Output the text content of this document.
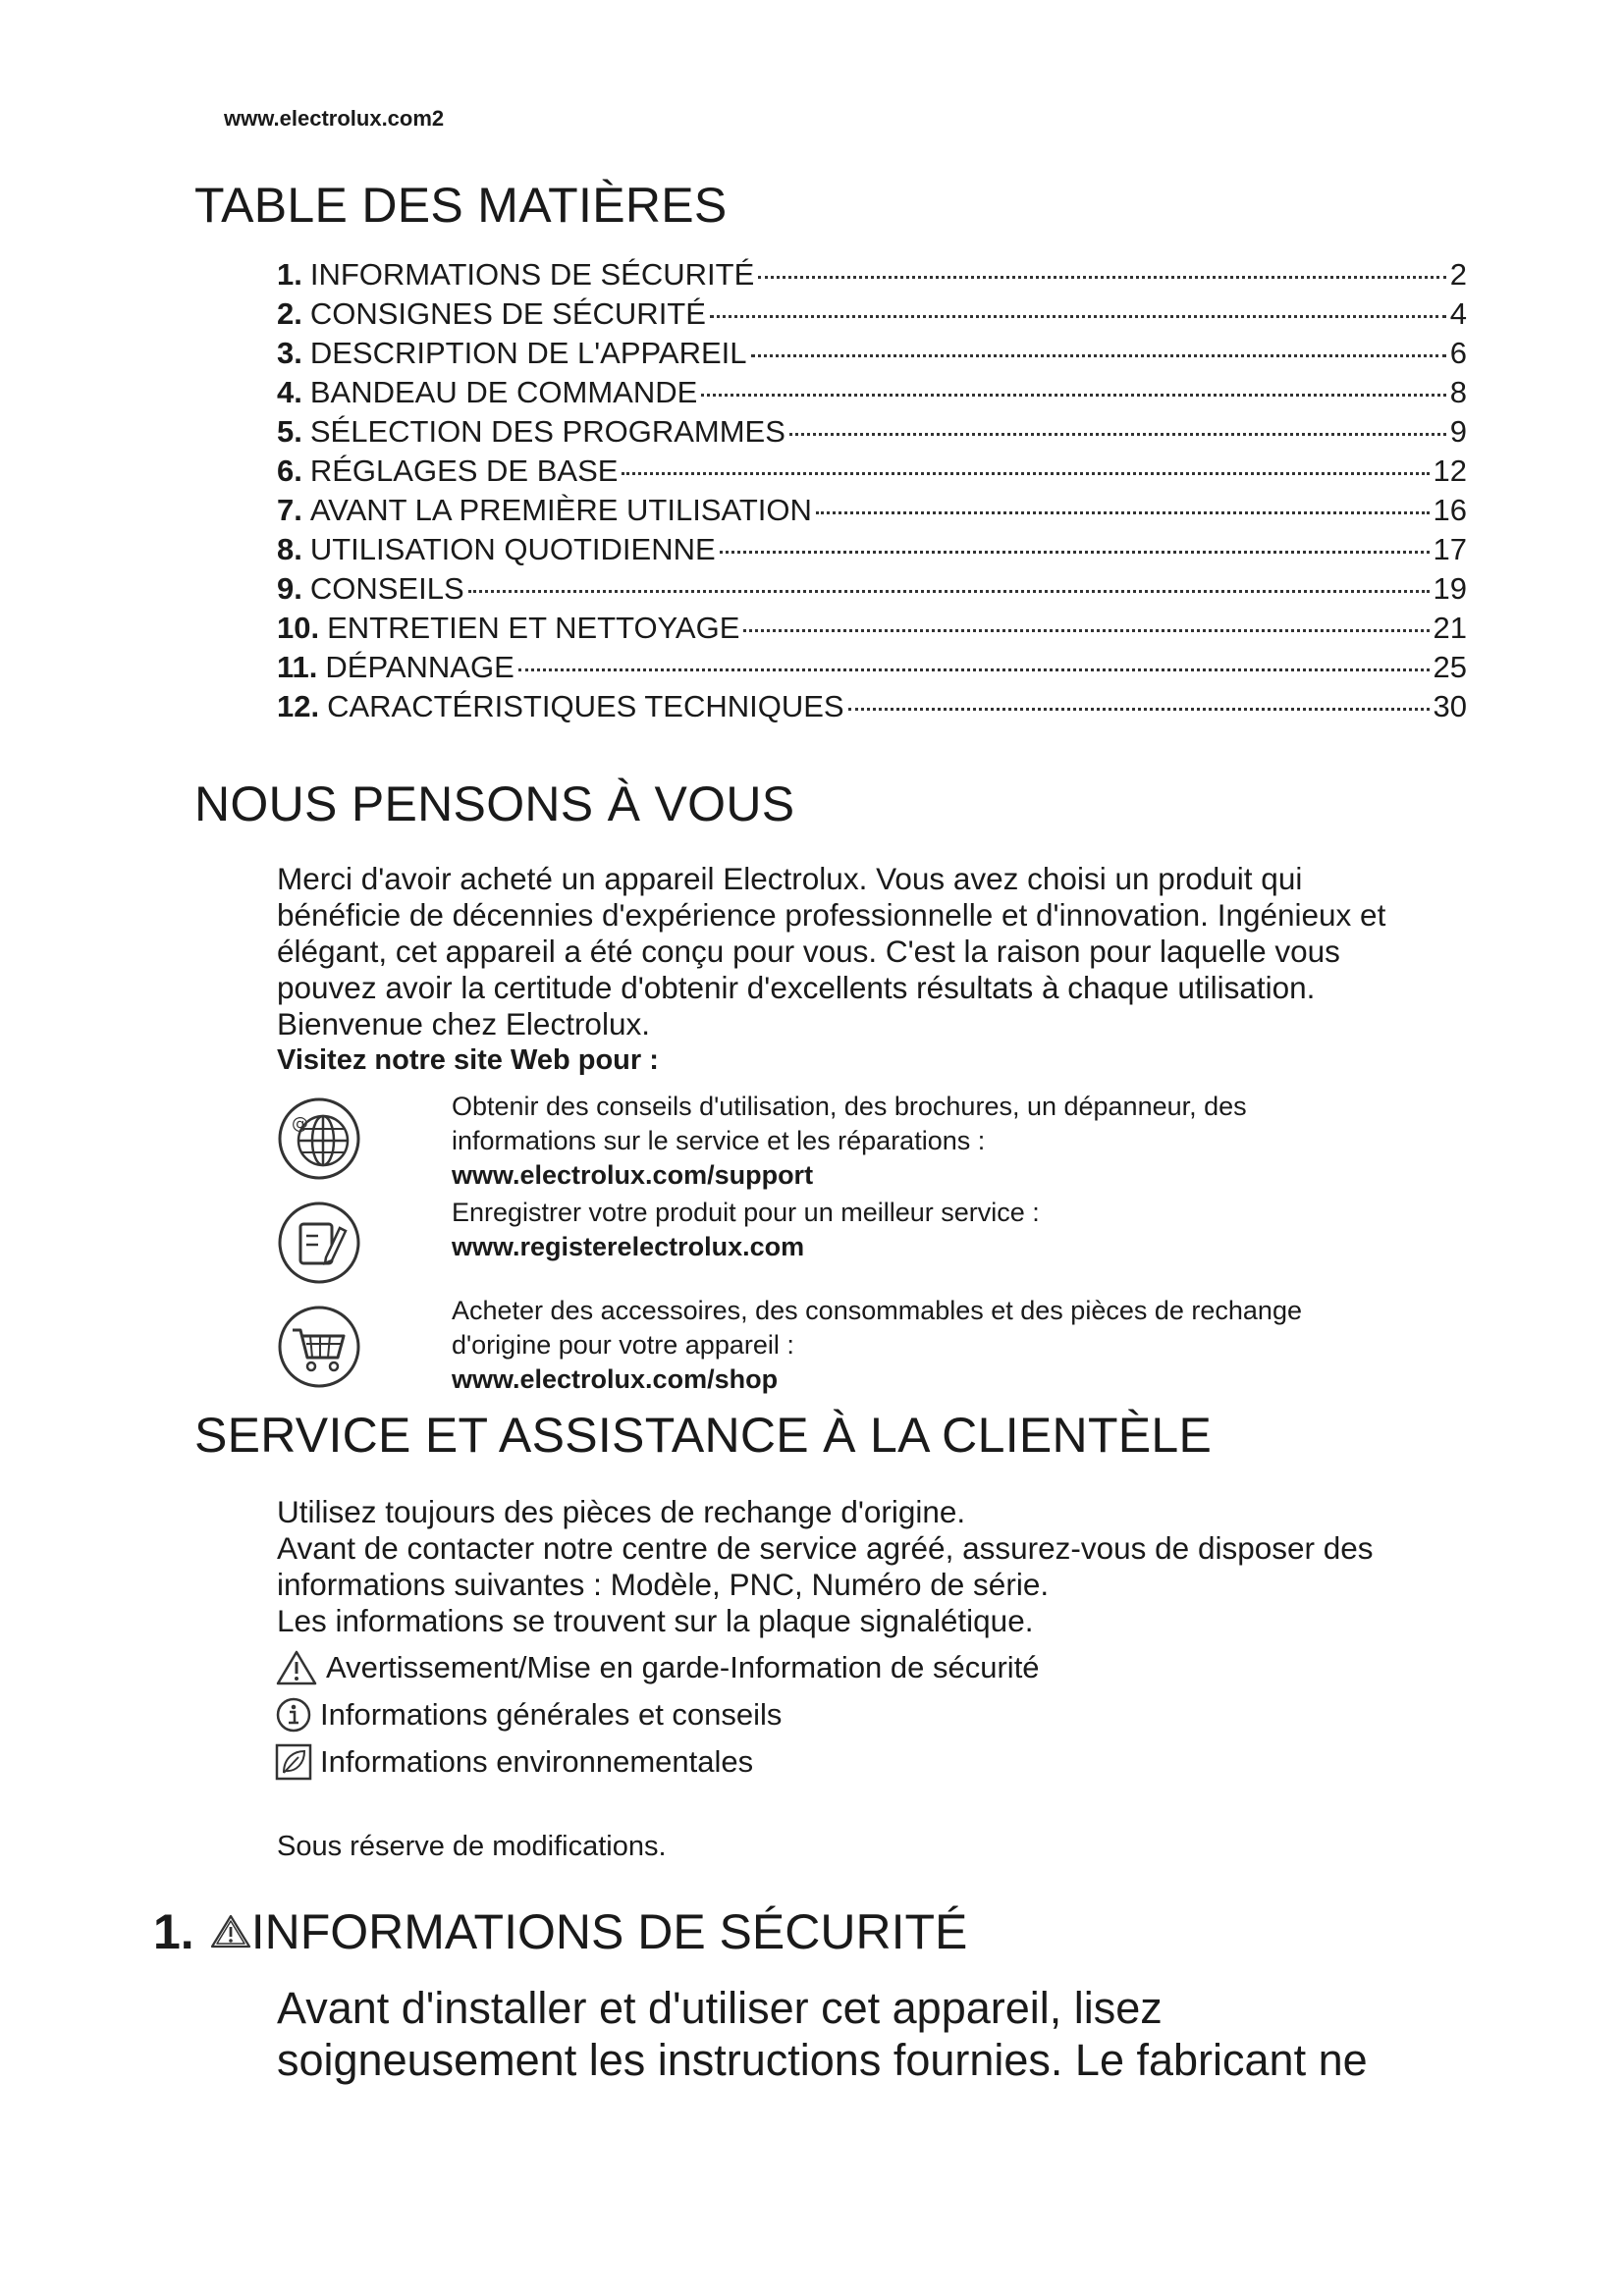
www.electrolux.com2
TABLE DES MATIÈRES
1. INFORMATIONS DE SÉCURITÉ	2
2. CONSIGNES DE SÉCURITÉ	4
3. DESCRIPTION DE L'APPAREIL	6
4. BANDEAU DE COMMANDE	8
5. SÉLECTION DES PROGRAMMES	9
6. RÉGLAGES DE BASE	12
7. AVANT LA PREMIÈRE UTILISATION	16
8. UTILISATION QUOTIDIENNE	17
9. CONSEILS	19
10. ENTRETIEN ET NETTOYAGE	21
11. DÉPANNAGE	25
12. CARACTÉRISTIQUES TECHNIQUES	30
NOUS PENSONS À VOUS
Merci d'avoir acheté un appareil Electrolux. Vous avez choisi un produit qui
bénéficie de décennies d'expérience professionnelle et d'innovation. Ingénieux et
élégant, cet appareil a été conçu pour vous. C'est la raison pour laquelle vous
pouvez avoir la certitude d'obtenir d'excellents résultats à chaque utilisation.
Bienvenue chez Electrolux.
Visitez notre site Web pour :
@
Obtenir des conseils d'utilisation, des brochures, un dépanneur, des
informations sur le service et les réparations :
www.electrolux.com/support
Enregistrer votre produit pour un meilleur service :
www.registerelectrolux.com
Acheter des accessoires, des consommables et des pièces de rechange
d'origine pour votre appareil :
www.electrolux.com/shop
SERVICE ET ASSISTANCE À LA CLIENTÈLE
Utilisez toujours des pièces de rechange d'origine.
Avant de contacter notre centre de service agréé, assurez-vous de disposer des
informations suivantes : Modèle, PNC, Numéro de série.
Les informations se trouvent sur la plaque signalétique.
Avertissement/Mise en garde-Information de sécurité
Informations générales et conseils
Informations environnementales
Sous réserve de modifications.
1. INFORMATIONS DE SÉCURITÉ
Avant d'installer et d'utiliser cet appareil, lisez
soigneusement les instructions fournies. Le fabricant ne
